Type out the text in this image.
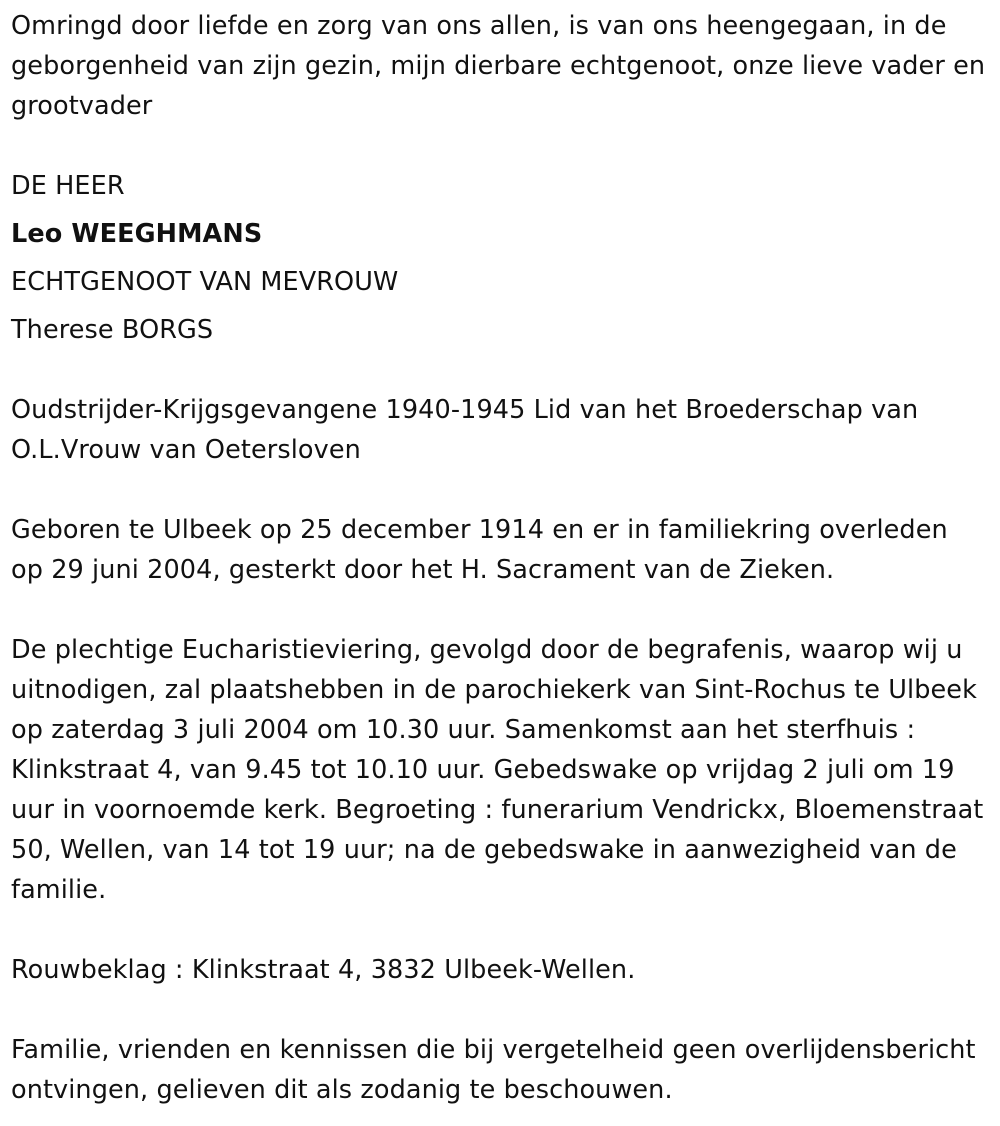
Omringd door liefde en zorg van ons allen, is van ons heengegaan, in de geborgenheid van zijn gezin, mijn dierbare echtgenoot, onze lieve vader en grootvader

DE HEER

Leo WEEGHMANS

ECHTGENOOT VAN MEVROUW

Therese BORGS

Oudstrijder-Krijgsgevangene 1940-1945 Lid van het Broederschap van O.L.Vrouw van Oetersloven

Geboren te Ulbeek op 25 december 1914 en er in familiekring overleden op 29 juni 2004, gesterkt door het H. Sacrament van de Zieken.

De plechtige Eucharistieviering, gevolgd door de begrafenis, waarop wij u uitnodigen, zal plaatshebben in de parochiekerk van Sint-Rochus te Ulbeek op zaterdag 3 juli 2004 om 10.30 uur. Samenkomst aan het sterfhuis : Klinkstraat 4, van 9.45 tot 10.10 uur. Gebedswake op vrijdag 2 juli om 19 uur in voornoemde kerk. Begroeting : funerarium Vendrickx, Bloemenstraat 50, Wellen, van 14 tot 19 uur; na de gebedswake in aanwezigheid van de familie.

Rouwbeklag : Klinkstraat 4, 3832 Ulbeek-Wellen.

Familie, vrienden en kennissen die bij vergetelheid geen overlijdensbericht ontvingen, gelieven dit als zodanig te beschouwen.
